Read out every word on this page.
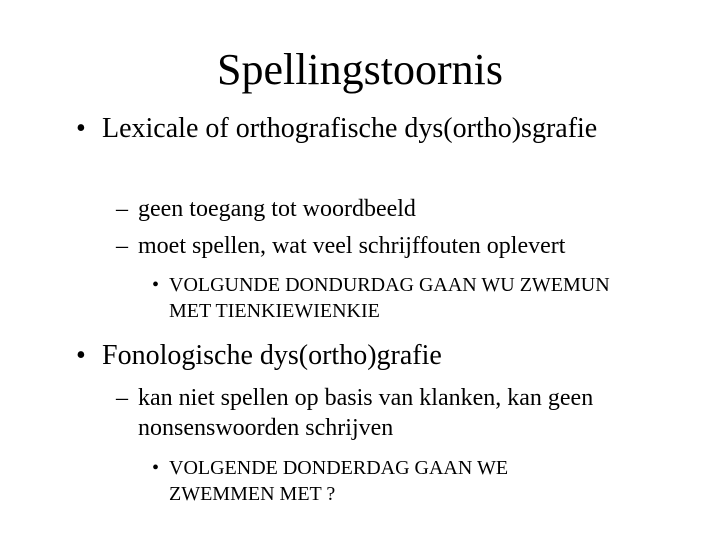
Spellingstoornis
• Lexicale of orthografische dys(ortho)sgrafie
– geen toegang tot woordbeeld
– moet spellen, wat veel schrijffouten oplevert
• VOLGUNDE DONDURDAG GAAN WU ZWEMUN MET TIENKIEWIENKIE
• Fonologische dys(ortho)grafie
– kan niet spellen op basis van klanken, kan geen nonsenswoorden schrijven
• VOLGENDE DONDERDAG GAAN WE ZWEMMEN MET ?
